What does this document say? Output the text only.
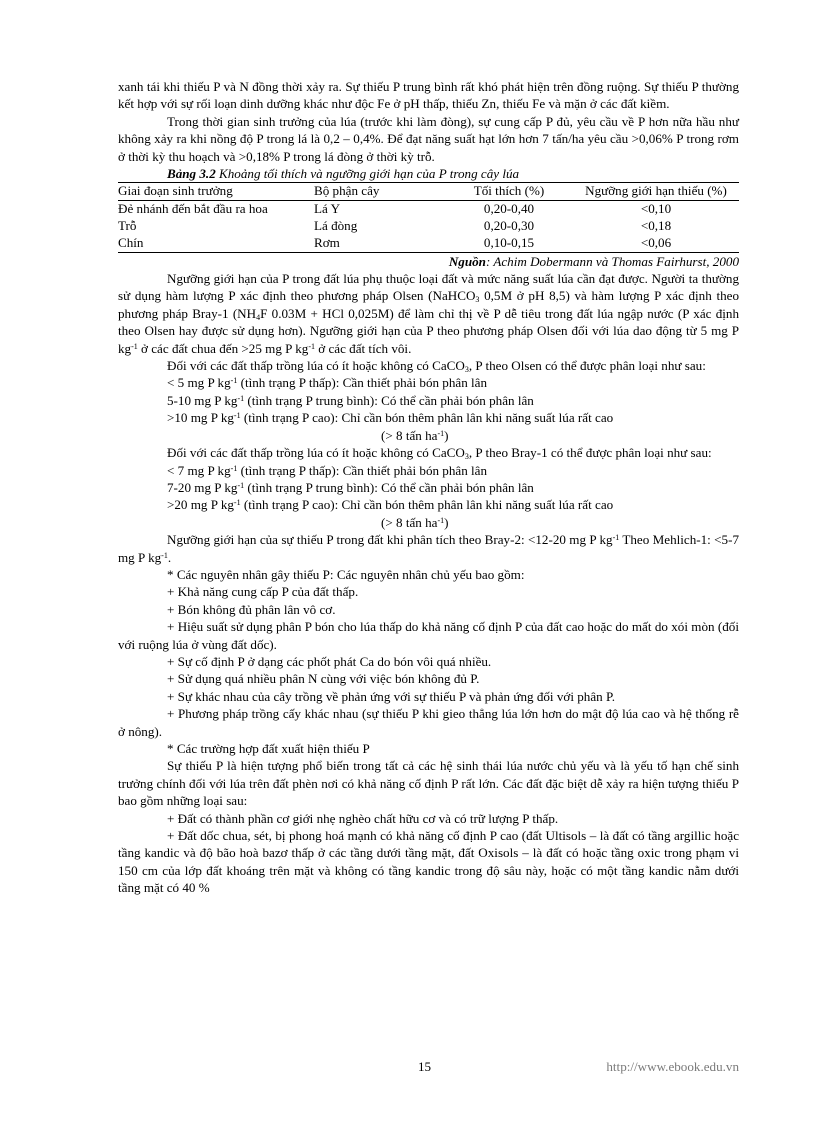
xanh tái khi thiếu P và N đồng thời xảy ra. Sự thiếu P trung bình rất khó phát hiện trên đồng ruộng. Sự thiếu P thường kết hợp với sự rối loạn dinh dưỡng khác như độc Fe ở pH thấp, thiếu Zn, thiếu Fe và mặn ở các đất kiềm.

Trong thời gian sinh trưởng của lúa (trước khi làm đòng), sự cung cấp P đủ, yêu cầu về P hơn nữa hầu như không xảy ra khi nồng độ P trong lá là 0,2 – 0,4%. Để đạt năng suất hạt lớn hơn 7 tấn/ha yêu cầu >0,06% P trong rơm ở thời kỳ thu hoạch và >0,18% P trong lá đòng ở thời kỳ trỗ.

Bảng 3.2 Khoảng tối thích và ngưỡng giới hạn của P trong cây lúa

Giai đoạn sinh trưởng	Bộ phận cây	Tối thích (%)	Ngưỡng giới hạn thiếu (%)
Đẻ nhánh đến bắt đầu ra hoa	Lá Y	0,20-0,40	<0,10
Trỗ	Lá đòng	0,20-0,30	<0,18
Chín	Rơm	0,10-0,15	<0,06

Nguồn: Achim Dobermann và Thomas Fairhurst, 2000

Ngưỡng giới hạn của P trong đất lúa phụ thuộc loại đất và mức năng suất lúa cần đạt được. Người ta thường sử dụng hàm lượng P xác định theo phương pháp Olsen (NaHCO$_3$ 0,5M ở pH 8,5) và hàm lượng P xác định theo phương pháp Bray-1 ($NH_4F$ 0.03M + HCl 0,025M) để làm chỉ thị về P dễ tiêu trong đất lúa ngập nước (P xác định theo Olsen hay được sử dụng hơn). Ngưỡng giới hạn của P theo phương pháp Olsen đối với lúa dao động từ 5 mg P $kg^{-1}$ ở các đất chua đến >25 mg P $kg^{-1}$ ở các đất tích vôi.

Đối với các đất thấp trồng lúa có ít hoặc không có CaCO$_3$, P theo Olsen có thể được phân loại như sau:

< 5 mg P $kg^{-1}$ (tình trạng P thấp): Cần thiết phải bón phân lân

5-10 mg P $kg^{-1}$ (tình trạng P trung bình): Có thể cần phải bón phân lân

>10 mg P $kg^{-1}$ (tình trạng P cao): Chỉ cần bón thêm phân lân khi năng suất lúa rất cao

(> 8 tấn $ha^{-1}$)

Đối với các đất thấp trồng lúa có ít hoặc không có CaCO$_3$, P theo Bray-1 có thể được phân loại như sau:

< 7 mg P $kg^{-1}$ (tình trạng P thấp): Cần thiết phải bón phân lân

7-20 mg P $kg^{-1}$ (tình trạng P trung bình): Có thể cần phải bón phân lân

>20 mg P $kg^{-1}$ (tình trạng P cao): Chỉ cần bón thêm phân lân khi năng suất lúa rất cao

(> 8 tấn $ha^{-1}$)

Ngưỡng giới hạn của sự thiếu P trong đất khi phân tích theo Bray-2: <12-20 mg P $kg^{-1}$ Theo Mehlich-1: <5-7 mg P $kg^{-1}$.

* Các nguyên nhân gây thiếu P: Các nguyên nhân chủ yếu bao gồm:

+ Khả năng cung cấp P của đất thấp.

+ Bón không đủ phân lân vô cơ.

+ Hiệu suất sử dụng phân P bón cho lúa thấp do khả năng cố định P của đất cao hoặc do mất do xói mòn (đối với ruộng lúa ở vùng đất dốc).

+ Sự cố định P ở dạng các phốt phát Ca do bón vôi quá nhiều.

+ Sử dụng quá nhiều phân N cùng với việc bón không đủ P.

+ Sự khác nhau của cây trồng về phản ứng với sự thiếu P và phản ứng đối với phân P.

+ Phương pháp trồng cấy khác nhau (sự thiếu P khi gieo thẳng lúa lớn hơn do mật độ lúa cao và hệ thống rễ ở nông).

* Các trường hợp đất xuất hiện thiếu P

Sự thiếu P là hiện tượng phổ biến trong tất cả các hệ sinh thái lúa nước chủ yếu và là yếu tố hạn chế sinh trưởng chính đối với lúa trên đất phèn nơi có khả năng cố định P rất lớn. Các đất đặc biệt dễ xảy ra hiện tượng thiếu P bao gồm những loại sau:

+ Đất có thành phần cơ giới nhẹ nghèo chất hữu cơ và có trữ lượng P thấp.

+ Đất dốc chua, sét, bị phong hoá mạnh có khả năng cố định P cao (đất Ultisols – là đất có tầng argillic hoặc tầng kandic và độ bão hoà bazơ thấp ở các tầng dưới tầng mặt, đất Oxisols – là đất có hoặc tầng oxic trong phạm vi 150 cm của lớp đất khoáng trên mặt và không có tầng kandic trong độ sâu này, hoặc có một tầng kandic nằm dưới tầng mặt có 40 %

15	http://www.ebook.edu.vn
